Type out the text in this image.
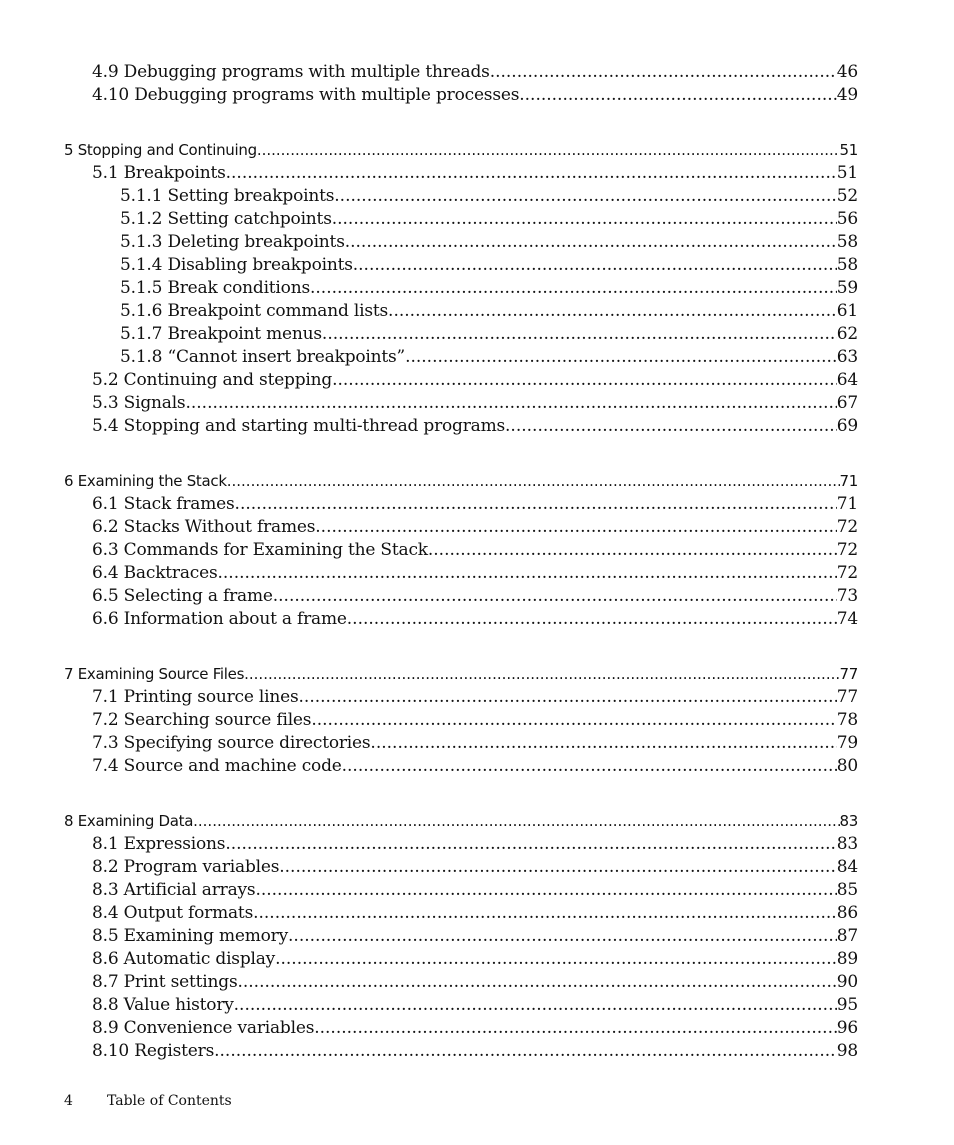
4.9 Debugging programs with multiple threads .....	46
4.10 Debugging programs with multiple processes .....	49
5 Stopping and Continuing .....	51
5.1 Breakpoints .....	51
5.1.1 Setting breakpoints .....	52
5.1.2 Setting catchpoints .....	56
5.1.3 Deleting breakpoints .....	58
5.1.4 Disabling breakpoints .....	58
5.1.5 Break conditions .....	59
5.1.6 Breakpoint command lists .....	61
5.1.7 Breakpoint menus .....	62
5.1.8 “Cannot insert breakpoints” .....	63
5.2 Continuing and stepping .....	64
5.3 Signals .....	67
5.4 Stopping and starting multi-thread programs .....	69
6 Examining the Stack .....	71
6.1 Stack frames .....	71
6.2 Stacks Without frames .....	72
6.3 Commands for Examining the Stack .....	72
6.4 Backtraces .....	72
6.5 Selecting a frame .....	73
6.6 Information about a frame .....	74
7 Examining Source Files .....	77
7.1 Printing source lines .....	77
7.2 Searching source files .....	78
7.3 Specifying source directories .....	79
7.4 Source and machine code .....	80
8 Examining Data .....	83
8.1 Expressions .....	83
8.2 Program variables .....	84
8.3 Artificial arrays .....	85
8.4 Output formats .....	86
8.5 Examining memory .....	87
8.6 Automatic display .....	89
8.7 Print settings .....	90
8.8 Value history .....	95
8.9 Convenience variables .....	96
8.10 Registers .....	98
4	Table of Contents
